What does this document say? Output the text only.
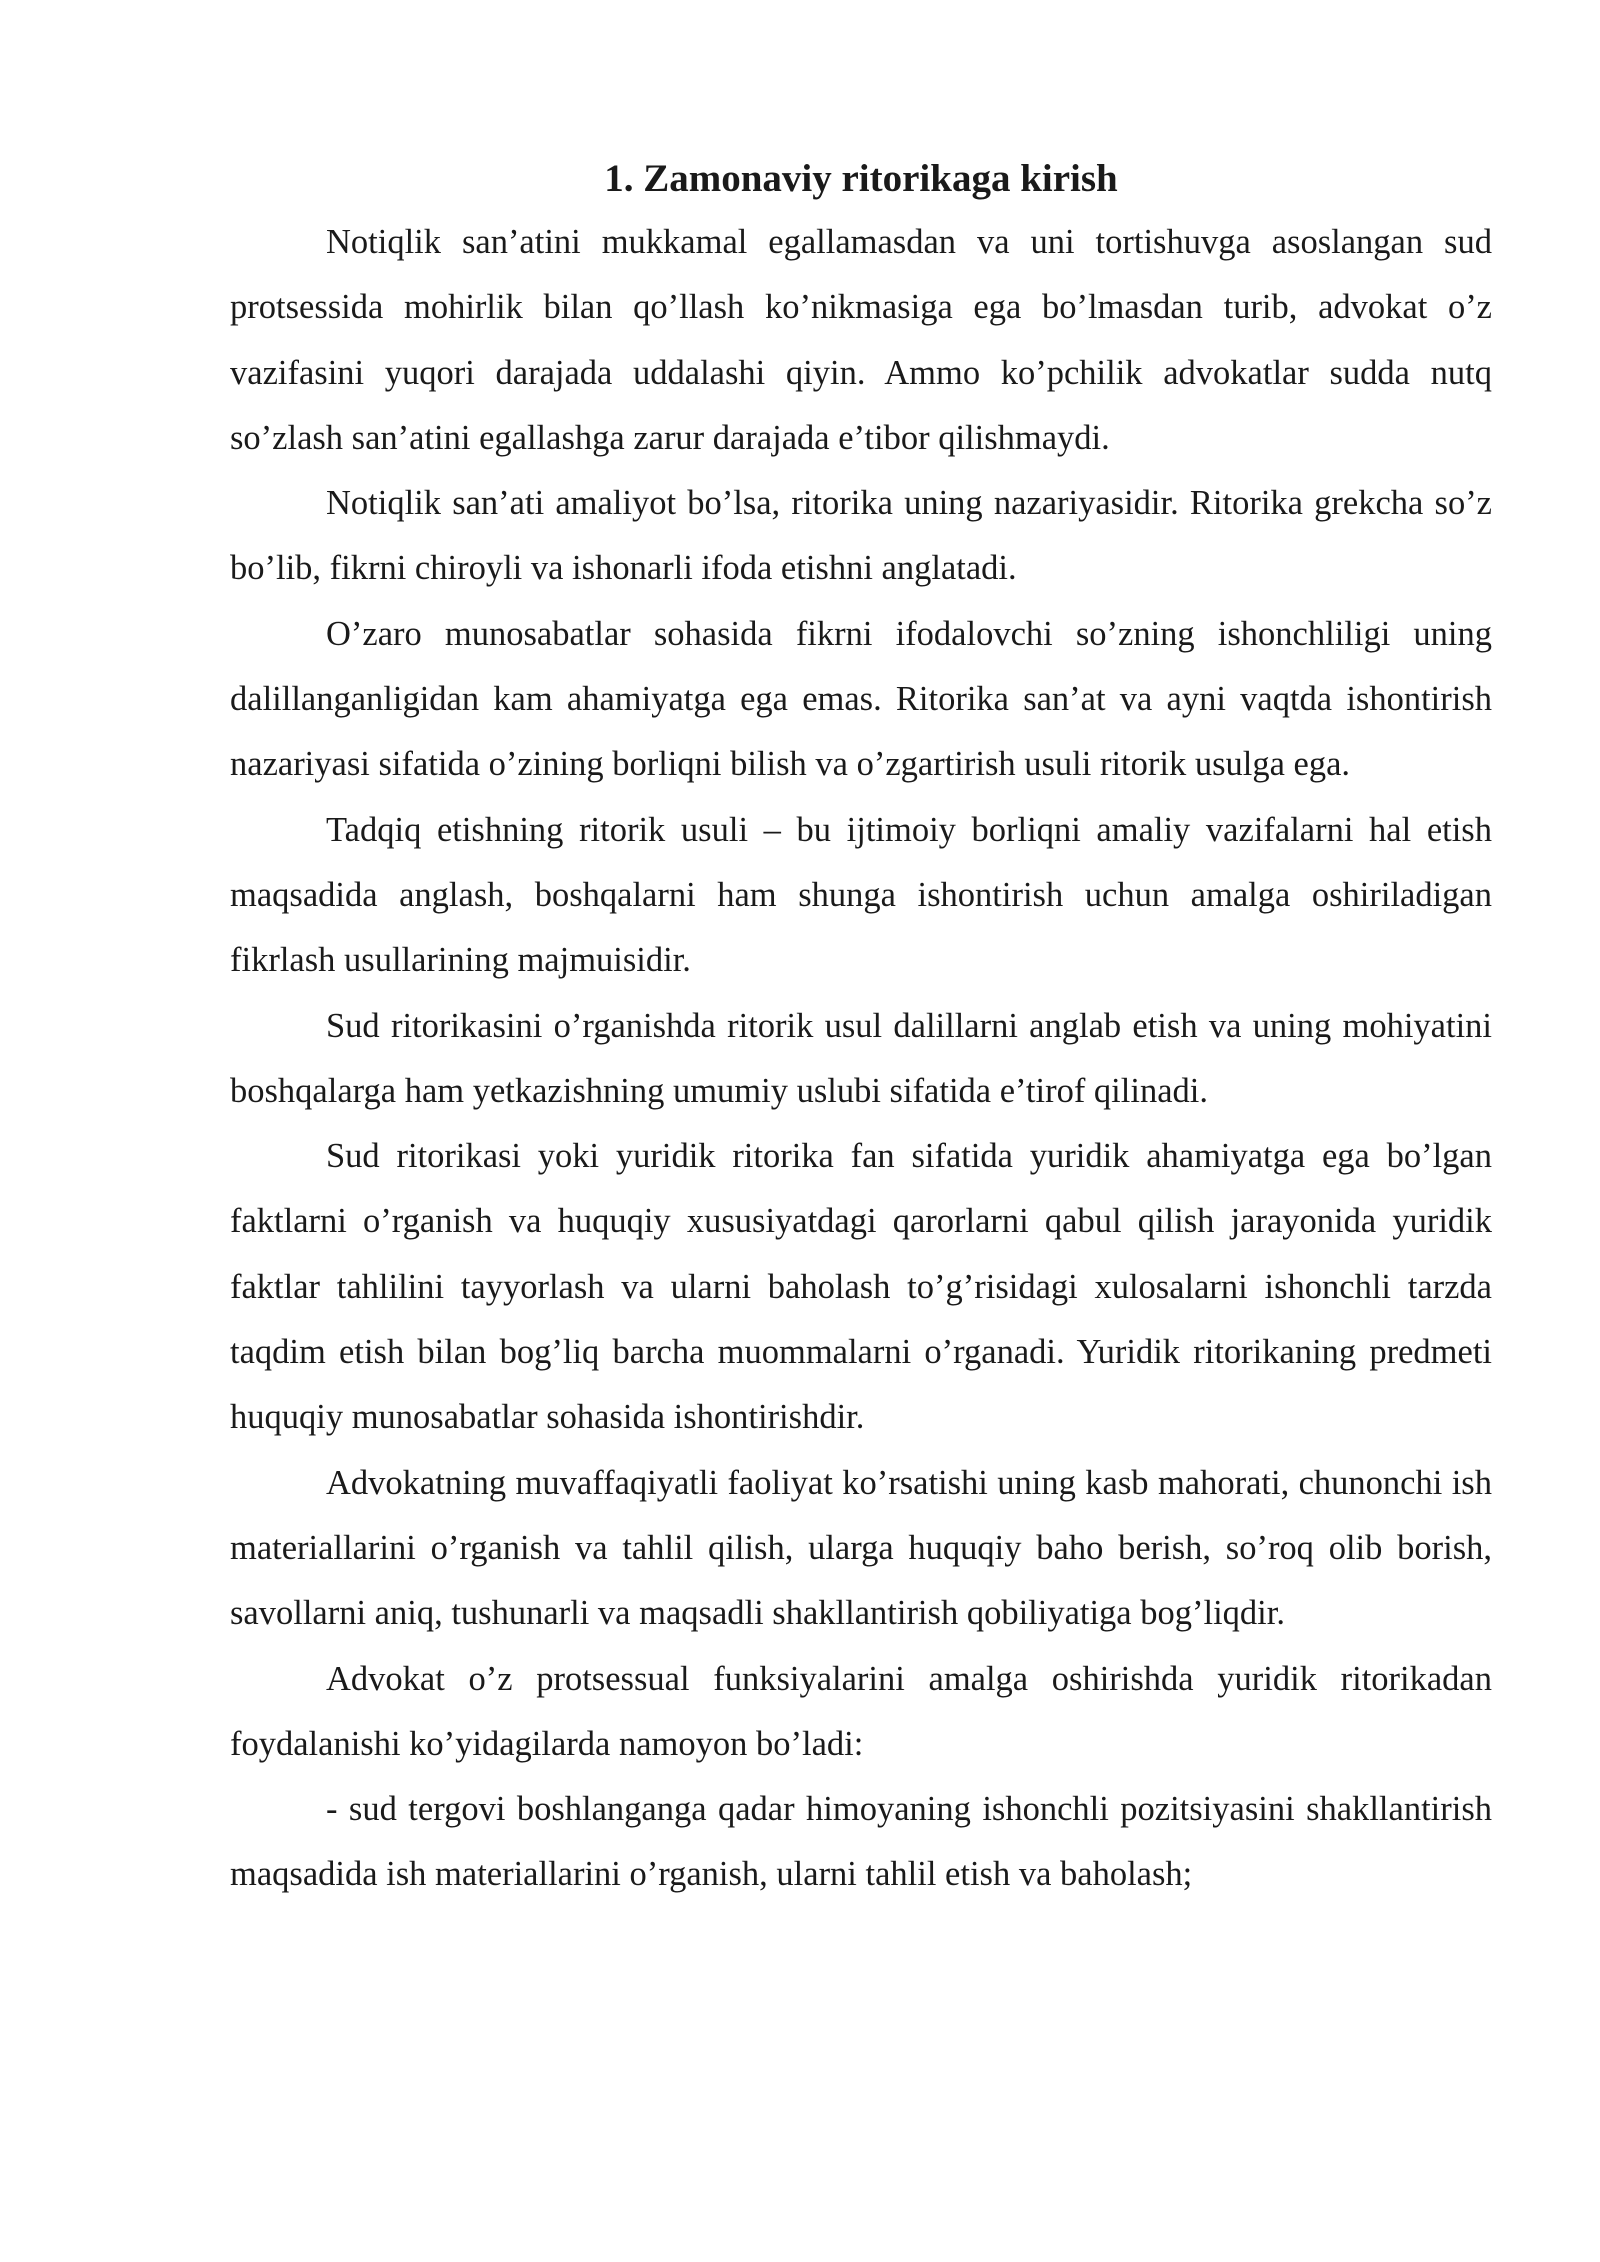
1. Zamonaviy ritorikaga kirish

Notiqlik san’atini mukkamal egallamasdan va uni tortishuvga asoslangan sud protsessida mohirlik bilan qo’llash ko’nikmasiga ega bo’lmasdan turib, advokat o’z vazifasini yuqori darajada uddalashi qiyin. Ammo ko’pchilik advokatlar sudda nutq so’zlash san’atini egallashga zarur darajada e’tibor qilishmaydi.

Notiqlik san’ati amaliyot bo’lsa, ritorika uning nazariyasidir. Ritorika grekcha so’z bo’lib, fikrni chiroyli va ishonarli ifoda etishni anglatadi.

O’zaro munosabatlar sohasida fikrni ifodalovchi so’zning ishonchliligi uning dalillanganligidan kam ahamiyatga ega emas. Ritorika san’at va ayni vaqtda ishontirish nazariyasi sifatida o’zining borliqni bilish va o’zgartirish usuli ritorik usulga ega.

Tadqiq etishning ritorik usuli – bu ijtimoiy borliqni amaliy vazifalarni hal etish maqsadida anglash, boshqalarni ham shunga ishontirish uchun amalga oshiriladigan fikrlash usullarining majmuisidir.

Sud ritorikasini o’rganishda ritorik usul dalillarni anglab etish va uning mohiyatini boshqalarga ham yetkazishning umumiy uslubi sifatida e’tirof qilinadi.

Sud ritorikasi yoki yuridik ritorika fan sifatida yuridik ahamiyatga ega bo’lgan faktlarni o’rganish va huquqiy xususiyatdagi qarorlarni qabul qilish jarayonida yuridik faktlar tahlilini tayyorlash va ularni baholash to’g’risidagi xulosalarni ishonchli tarzda taqdim etish bilan bog’liq barcha muommalarni o’rganadi. Yuridik ritorikaning predmeti huquqiy munosabatlar sohasida ishontirishdir.

Advokatning muvaffaqiyatli faoliyat ko’rsatishi uning kasb mahorati, chunonchi ish materiallarini o’rganish va tahlil qilish, ularga huquqiy baho berish, so’roq olib borish, savollarni aniq, tushunarli va maqsadli shakllantirish qobiliyatiga bog’liqdir.

Advokat o’z protsessual funksiyalarini amalga oshirishda yuridik ritorikadan foydalanishi ko’yidagilarda namoyon bo’ladi:

- sud tergovi boshlanganga qadar himoyaning ishonchli pozitsiyasini shakllantirish maqsadida ish materiallarini o’rganish, ularni tahlil etish va baholash;
